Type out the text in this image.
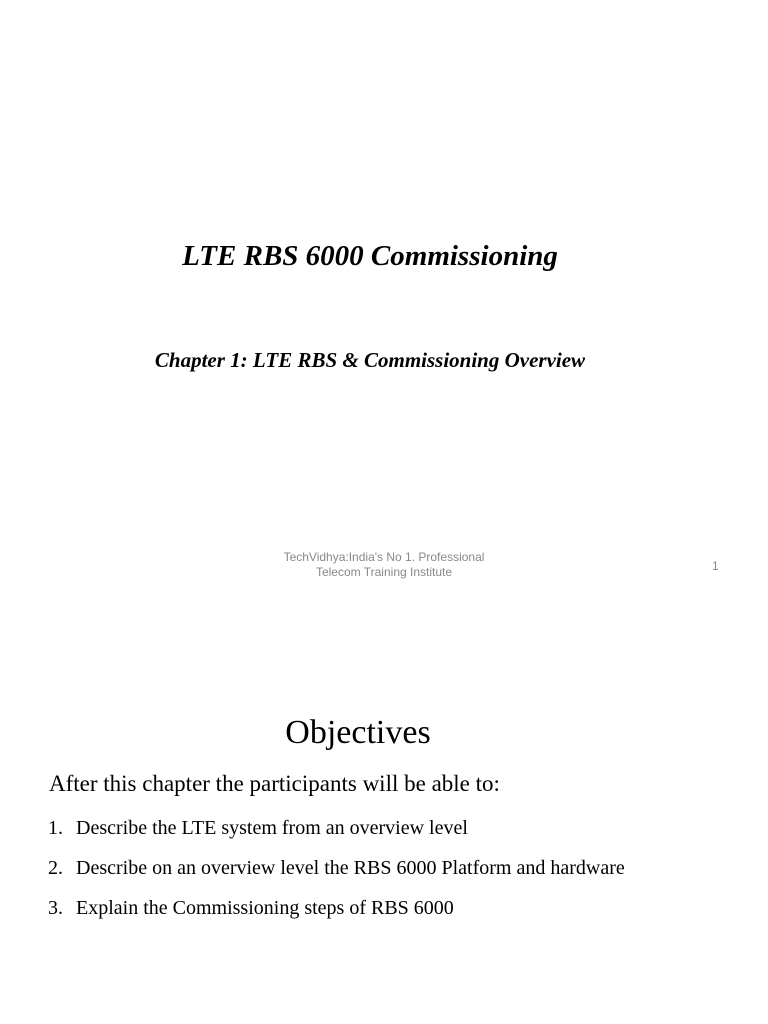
LTE RBS 6000 Commissioning
Chapter 1: LTE RBS & Commissioning Overview
TechVidhya:India's No 1. Professional
Telecom Training Institute	1
Objectives
After this chapter the participants will be able to:
1. Describe the LTE system from an overview level
2. Describe on an overview level the RBS 6000 Platform and hardware
3. Explain the Commissioning steps of RBS 6000
